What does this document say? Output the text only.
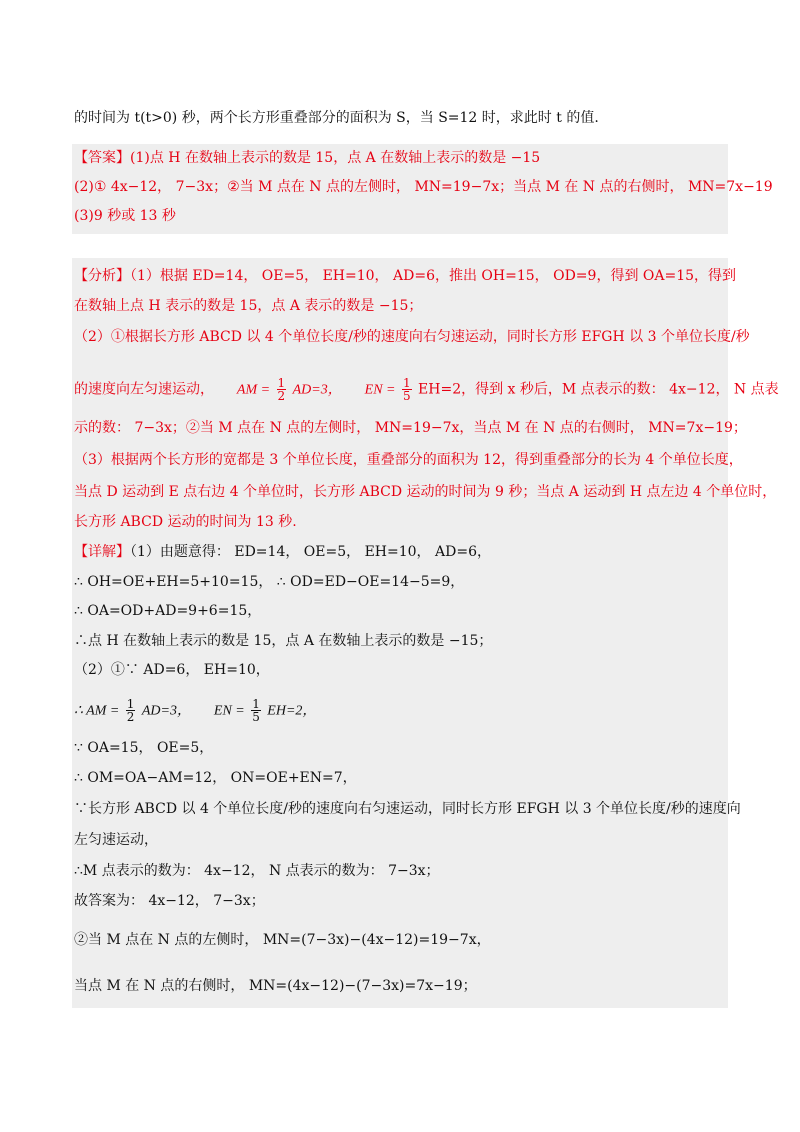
的时间为 t(t>0) 秒，两个长方形重叠部分的面积为 S，当 S=12 时，求此时 t 的值.
【答案】(1)点 H 在数轴上表示的数是 15，点 A 在数轴上表示的数是 −15
(2)① 4x−12， 7−3x；②当 M 点在 N 点的左侧时， MN=19−7x；当点 M 在 N 点的右侧时， MN=7x−19
(3)9 秒或 13 秒
【分析】（1）根据 ED=14， OE=5， EH=10， AD=6，推出 OH=15， OD=9，得到 OA=15，得到
在数轴上点 H 表示的数是 15，点 A 表示的数是 −15；
（2）①根据长方形 ABCD 以 4 个单位长度/秒的速度向右匀速运动，同时长方形 EFGH 以 3 个单位长度/秒
的速度向左匀速运动， AM = $\frac{1}{2} AD=3$， EN = $\frac{1}{5} EH=2$，得到 x 秒后，M 点表示的数： 4x−12， N 点表
示的数： 7−3x；②当 M 点在 N 点的左侧时， MN=19−7x，当点 M 在 N 点的右侧时， MN=7x−19；
（3）根据两个长方形的宽都是 3 个单位长度，重叠部分的面积为 12，得到重叠部分的长为 4 个单位长度，
当点 D 运动到 E 点右边 4 个单位时，长方形 ABCD 运动的时间为 9 秒；当点 A 运动到 H 点左边 4 个单位时，
长方形 ABCD 运动的时间为 13 秒.
【详解】（1）由题意得： ED=14， OE=5， EH=10， AD=6，
∴ OH=OE+EH=5+10=15， ∴ OD=ED−OE=14−5=9，
∴ OA=OD+AD=9+6=15，
∴点 H 在数轴上表示的数是 15，点 A 在数轴上表示的数是 −15；
（2）①∵ AD=6， EH=10，
∴ AM = $\frac{1}{2} AD=3$， EN = $\frac{1}{5} EH=2$，
∵ OA=15， OE=5，
∴ OM=OA−AM=12， ON=OE+EN=7，
∵长方形 ABCD 以 4 个单位长度/秒的速度向右匀速运动，同时长方形 EFGH 以 3 个单位长度/秒的速度向
左匀速运动，
∴M 点表示的数为： 4x−12， N 点表示的数为： 7−3x；
故答案为： 4x−12， 7−3x；
②当 M 点在 N 点的左侧时， MN=(7−3x)−(4x−12)=19−7x，
当点 M 在 N 点的右侧时， MN=(4x−12)−(7−3x)=7x−19；
